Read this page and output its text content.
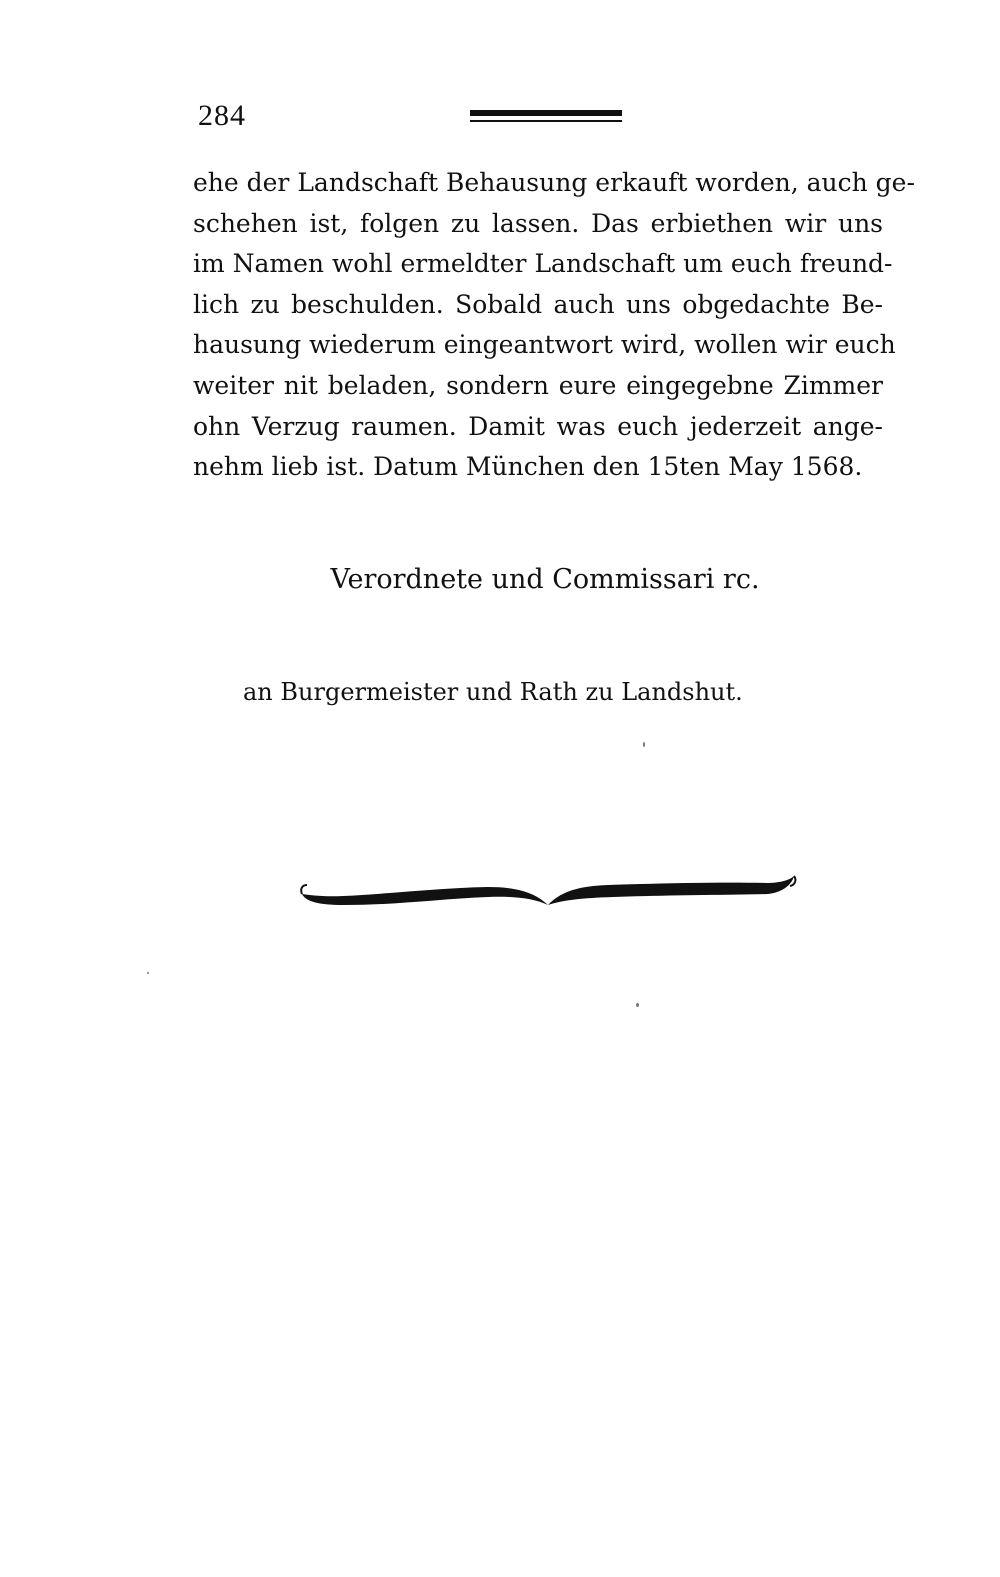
284
ehe der Landschaft Behausung erkauft worden, auch ge-
schehen ist, folgen zu lassen. Das erbiethen wir uns
im Namen wohl ermeldter Landschaft um euch freund-
lich zu beschulden. Sobald auch uns obgedachte Be-
hausung wiederum eingeantwort wird, wollen wir euch
weiter nit beladen, sondern eure eingegebne Zimmer
ohn Verzug raumen. Damit was euch jederzeit ange-
nehm lieb ist. Datum München den 15ten May 1568.
Verordnete und Commissari rc.
an Burgermeister und Rath zu Landshut.
